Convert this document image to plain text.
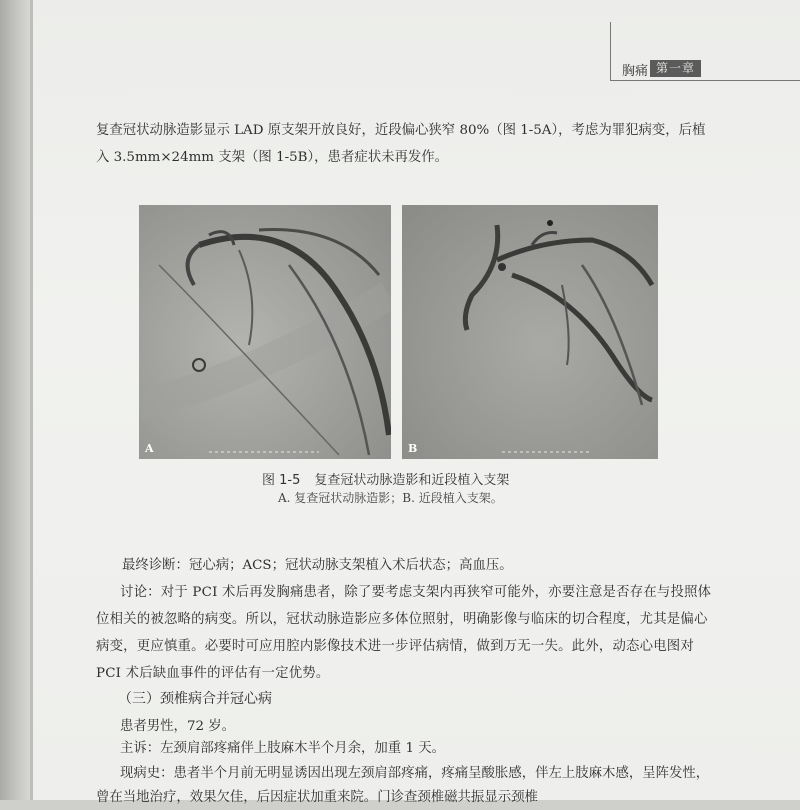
胸痛 第一章
复查冠状动脉造影显示 LAD 原支架开放良好，近段偏心狭窄 80%（图 1-5A），考虑为罪犯病变，后植入 3.5mm×24mm 支架（图 1-5B），患者症状未再发作。
A	B
图 1-5 复查冠状动脉造影和近段植入支架
A. 复查冠状动脉造影；B. 近段植入支架。
最终诊断：冠心病；ACS；冠状动脉支架植入术后状态；高血压。
讨论：对于 PCI 术后再发胸痛患者，除了要考虑支架内再狭窄可能外，亦要注意是否存在与投照体位相关的被忽略的病变。所以，冠状动脉造影应多体位照射，明确影像与临床的切合程度，尤其是偏心病变，更应慎重。必要时可应用腔内影像技术进一步评估病情，做到万无一失。此外，动态心电图对 PCI 术后缺血事件的评估有一定优势。
（三）颈椎病合并冠心病
患者男性，72 岁。
主诉：左颈肩部疼痛伴上肢麻木半个月余，加重 1 天。
现病史：患者半个月前无明显诱因出现左颈肩部疼痛，疼痛呈酸胀感，伴左上肢麻木感，呈阵发性，曾在当地治疗，效果欠佳，后因症状加重来院。门诊查颈椎磁共振显示颈椎
